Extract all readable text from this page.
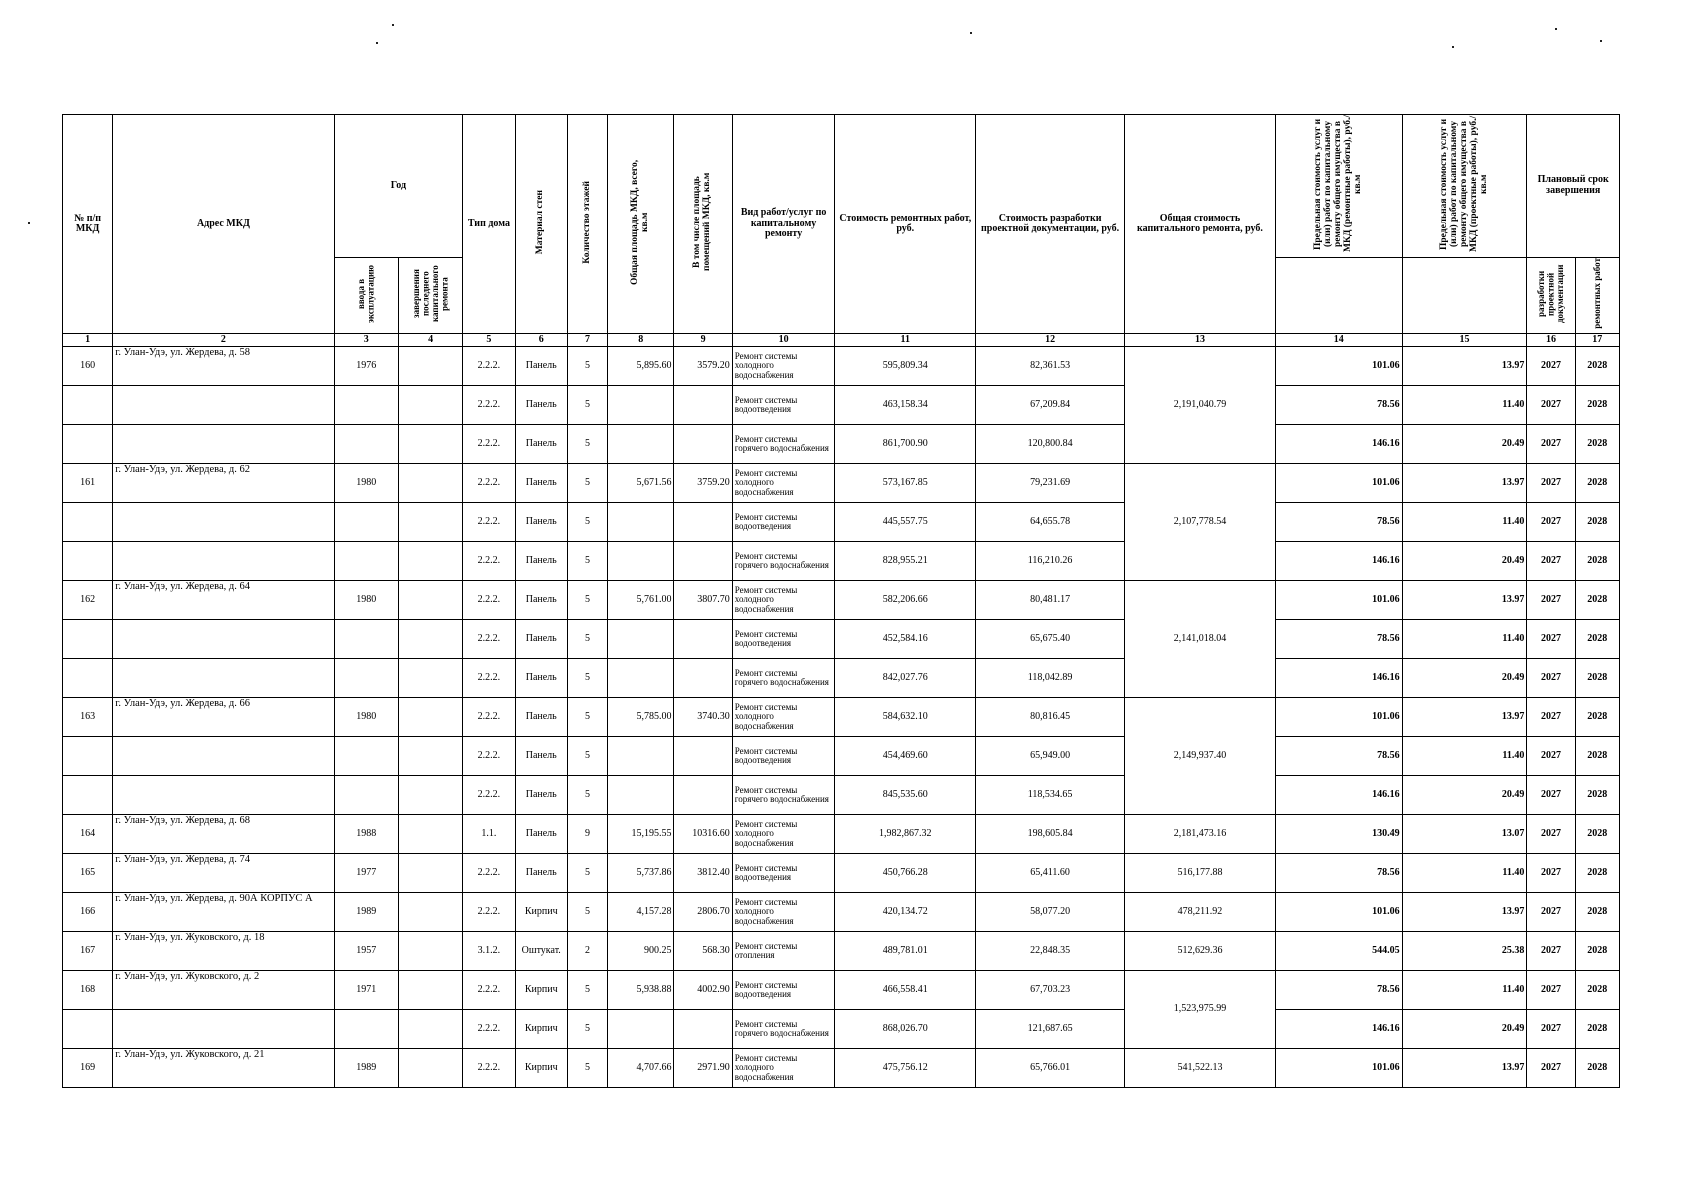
№ п/п МКД	Адрес МКД	Год		Тип дома	Материал стен	Количество этажей	Общая площадь МКД, всего, кв.м	В том числе площадь помещений МКД, кв.м	Вид работ/услуг по капитальному ремонту	Стоимость ремонтных работ, руб.	Стоимость разработки проектной документации, руб.	Общая стоимость капитального ремонта, руб.	Предельная стоимость услуг и (или) работ по капитальному ремонту общего имущества в МКД (ремонтные работы), руб./кв.м	Предельная стоимость услуг и (или) работ по капитальному ремонту общего имущества в МКД (проектные работы), руб./кв.м	Плановый срок завершения	
		ввода в эксплуатацию	завершения последнего капитального ремонта												разработки проектной документации	ремонтных работ
1	2	3	4	5	6	7	8	9	10	11	12	13	14	15	16	17
160	г. Улан-Удэ, ул. Жердева, д. 58	1976		2.2.2.	Панель	5	5,895.60	3579.20	Ремонт системы холодного водоснабжения	595,809.34	82,361.53	2,191,040.79	101.06	13.97	2027	2028
				2.2.2.	Панель	5			Ремонт системы водоотведения	463,158.34	67,209.84		78.56	11.40	2027	2028
				2.2.2.	Панель	5			Ремонт системы горячего водоснабжения	861,700.90	120,800.84		146.16	20.49	2027	2028
161	г. Улан-Удэ, ул. Жердева, д. 62	1980		2.2.2.	Панель	5	5,671.56	3759.20	Ремонт системы холодного водоснабжения	573,167.85	79,231.69	2,107,778.54	101.06	13.97	2027	2028
				2.2.2.	Панель	5			Ремонт системы водоотведения	445,557.75	64,655.78		78.56	11.40	2027	2028
				2.2.2.	Панель	5			Ремонт системы горячего водоснабжения	828,955.21	116,210.26		146.16	20.49	2027	2028
162	г. Улан-Удэ, ул. Жердева, д. 64	1980		2.2.2.	Панель	5	5,761.00	3807.70	Ремонт системы холодного водоснабжения	582,206.66	80,481.17	2,141,018.04	101.06	13.97	2027	2028
				2.2.2.	Панель	5			Ремонт системы водоотведения	452,584.16	65,675.40		78.56	11.40	2027	2028
				2.2.2.	Панель	5			Ремонт системы горячего водоснабжения	842,027.76	118,042.89		146.16	20.49	2027	2028
163	г. Улан-Удэ, ул. Жердева, д. 66	1980		2.2.2.	Панель	5	5,785.00	3740.30	Ремонт системы холодного водоснабжения	584,632.10	80,816.45	2,149,937.40	101.06	13.97	2027	2028
				2.2.2.	Панель	5			Ремонт системы водоотведения	454,469.60	65,949.00		78.56	11.40	2027	2028
				2.2.2.	Панель	5			Ремонт системы горячего водоснабжения	845,535.60	118,534.65		146.16	20.49	2027	2028
164	г. Улан-Удэ, ул. Жердева, д. 68	1988		1.1.	Панель	9	15,195.55	10316.60	Ремонт системы холодного водоснабжения	1,982,867.32	198,605.84	2,181,473.16	130.49	13.07	2027	2028
165	г. Улан-Удэ, ул. Жердева, д. 74	1977		2.2.2.	Панель	5	5,737.86	3812.40	Ремонт системы водоотведения	450,766.28	65,411.60	516,177.88	78.56	11.40	2027	2028
166	г. Улан-Удэ, ул. Жердева, д. 90А КОРПУС А	1989		2.2.2.	Кирпич	5	4,157.28	2806.70	Ремонт системы холодного водоснабжения	420,134.72	58,077.20	478,211.92	101.06	13.97	2027	2028
167	г. Улан-Удэ, ул. Жуковского, д. 18	1957		3.1.2.	Оштукат.	2	900.25	568.30	Ремонт системы отопления	489,781.01	22,848.35	512,629.36	544.05	25.38	2027	2028
168	г. Улан-Удэ, ул. Жуковского, д. 2	1971		2.2.2.	Кирпич	5	5,938.88	4002.90	Ремонт системы водоотведения	466,558.41	67,703.23	1,523,975.99	78.56	11.40	2027	2028
				2.2.2.	Кирпич	5			Ремонт системы горячего водоснабжения	868,026.70	121,687.65		146.16	20.49	2027	2028
169	г. Улан-Удэ, ул. Жуковского, д. 21	1989		2.2.2.	Кирпич	5	4,707.66	2971.90	Ремонт системы холодного водоснабжения	475,756.12	65,766.01	541,522.13	101.06	13.97	2027	2028
